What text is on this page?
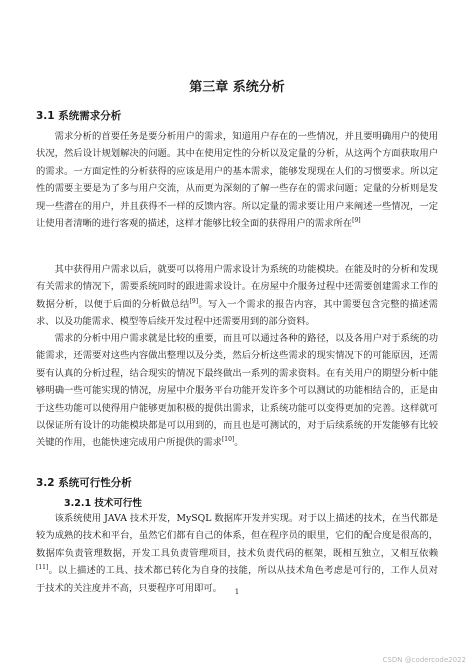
第三章 系统分析
3.1 系统需求分析

需求分析的首要任务是要分析用户的需求，知道用户存在的一些情况，并且要明确用户的使用状况，然后设计规划解决的问题。其中在使用定性的分析以及定量的分析，从这两个方面获取用户的需求。一方面定性的分析获得的应该是用户的基本需求，能够发现现在人们的习惯要求。所以定性的需要主要是为了多与用户交流，从而更为深刻的了解一些存在的需求问题；定量的分析则是发现一些潜在的用户，并且获得不一样的反馈内容。所以定量的需求要让用户来阐述一些情况，一定让使用者清晰的进行客观的描述，这样才能够比较全面的获得用户的需求所在[9]

其中获得用户需求以后，就要可以将用户需求设计为系统的功能模块。在能及时的分析和发现有关需求的情况下，需要系统同时的跟进需求设计。在房屋中介服务过程中还需要创建需求工作的数据分析，以便于后面的分析做总结[9]。写入一个需求的报告内容，其中需要包含完整的描述需求、以及功能需求、模型等后续开发过程中还需要用到的部分资料。

需求的分析中用户需求就是比较的重要，而且可以通过各种的路径，以及各用户对于系统的功能需求，还需要对这些内容做出整理以及分类，然后分析这些需求的现实情况下的可能原因，还需要有认真的分析过程，结合现实的情况下最终做出一系列的需求资料。在有关用户的期望分析中能够明确一些可能实现的情况，房屋中介服务平台功能开发许多个可以测试的功能相结合的，正是由于这些功能可以使得用户能够更加积极的提供出需求，让系统功能可以变得更加的完善。这样就可以保证所有设计的功能模块都是可以用到的，而且也是可测试的，对于后续系统的开发能够有比较关键的作用，也能快速完成用户所提供的需求[10]。

3.2 系统可行性分析
3.2.1 技术可行性

该系统使用 JAVA 技术开发，MySQL 数据库开发并实现。对于以上描述的技术，在当代都是较为成熟的技术和平台，虽然它们都有自己的体系，但在程序员的眼里，它们的配合度是很高的，数据库负责管理数据，开发工具负责管理项目，技术负责代码的框架，既相互独立，又相互依赖[11]。以上描述的工具、技术都已转化为自身的技能，所以从技术角色考虑是可行的，工作人员对于技术的关注度并不高，只要程序可用即可。	1
CSDN @codercode2022
